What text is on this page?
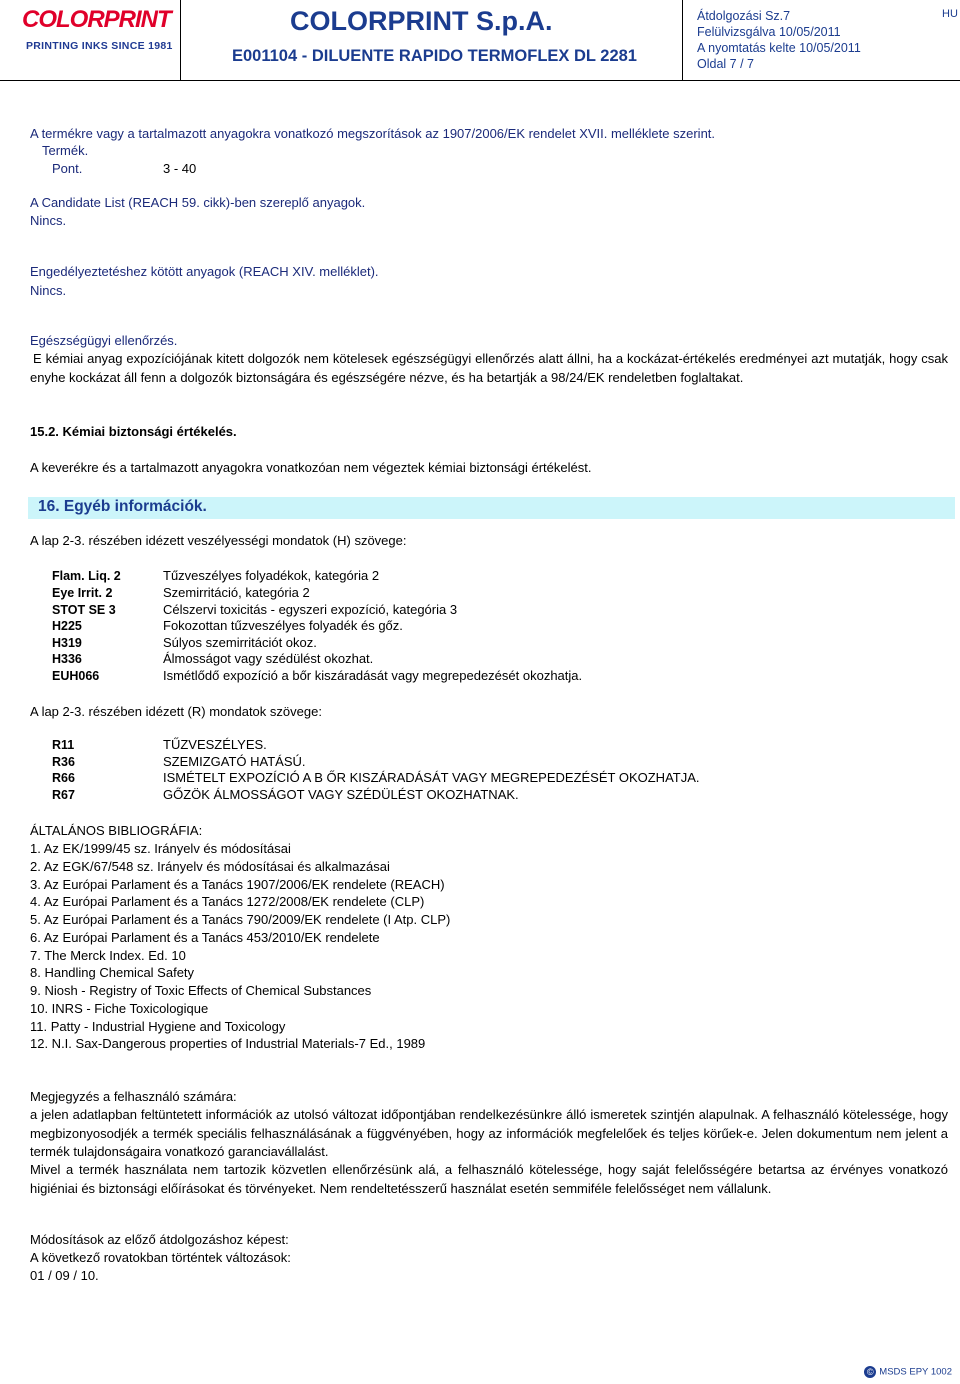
COLORPRINT
PRINTING INKS SINCE 1981
COLORPRINT S.p.A.
E001104 - DILUENTE RAPIDO TERMOFLEX DL 2281
Átdolgozási Sz.7
Felülvizsgálva 10/05/2011
A nyomtatás kelte 10/05/2011
Oldal 7 / 7
HU
A termékre vagy a tartalmazott anyagokra vonatkozó megszorítások az 1907/2006/EK rendelet XVII. melléklete szerint.
Termék.
Pont.	3 - 40
A Candidate List (REACH 59. cikk)-ben szereplő anyagok.
Nincs.
Engedélyeztetéshez kötött anyagok (REACH XIV. melléklet).
Nincs.
Egészségügyi ellenőrzés.
E kémiai anyag expozíciójának kitett dolgozók nem kötelesek egészségügyi ellenőrzés alatt állni, ha a kockázat-értékelés eredményei azt mutatják, hogy csak enyhe kockázat áll fenn a dolgozók biztonságára és egészségére nézve, és ha betartják a 98/24/EK rendeletben foglaltakat.
15.2. Kémiai biztonsági értékelés.
A keverékre és a tartalmazott anyagokra vonatkozóan nem végeztek kémiai biztonsági értékelést.
16. Egyéb információk.
A lap 2-3. részében idézett veszélyességi mondatok (H) szövege:
Flam. Liq. 2	Tűzveszélyes folyadékok, kategória 2
Eye Irrit. 2	Szemirritáció, kategória 2
STOT SE 3	Célszervi toxicitás - egyszeri expozíció, kategória 3
H225	Fokozottan tűzveszélyes folyadék és gőz.
H319	Súlyos szemirritációt okoz.
H336	Álmosságot vagy szédülést okozhat.
EUH066	Ismétlődő expozíció a bőr kiszáradását vagy megrepedezését okozhatja.
A lap 2-3. részében idézett (R) mondatok szövege:
R11	TŰZVESZÉLYES.
R36	SZEMIZGATÓ HATÁSÚ.
R66	ISMÉTELT EXPOZÍCIÓ A B ŐR KISZÁRADÁSÁT VAGY MEGREPEDEZÉSÉT OKOZHATJA.
R67	GŐZÖK ÁLMOSSÁGOT VAGY SZÉDÜLÉST OKOZHATNAK.
ÁLTALÁNOS BIBLIOGRÁFIA:
1. Az EK/1999/45 sz. Irányelv és módosításai
2. Az EGK/67/548 sz. Irányelv és módosításai és alkalmazásai
3. Az Európai Parlament és a Tanács 1907/2006/EK rendelete (REACH)
4. Az Európai Parlament és a Tanács 1272/2008/EK rendelete (CLP)
5. Az Európai Parlament és a Tanács 790/2009/EK rendelete (I Atp. CLP)
6. Az Európai Parlament és a Tanács 453/2010/EK rendelete
7. The Merck Index. Ed. 10
8. Handling Chemical Safety
9. Niosh - Registry of Toxic Effects of Chemical Substances
10. INRS - Fiche Toxicologique
11. Patty - Industrial Hygiene and Toxicology
12. N.I. Sax-Dangerous properties of Industrial Materials-7 Ed., 1989
Megjegyzés a felhasználó számára:
a jelen adatlapban feltüntetett információk az utolsó változat időpontjában rendelkezésünkre álló ismeretek szintjén alapulnak. A felhasználó kötelessége, hogy megbizonyosodjék a termék speciális felhasználásának a függvényében, hogy az információk megfelelőek és teljes körűek-e. Jelen dokumentum nem jelent a termék tulajdonságaira vonatkozó garanciavállalást.
Mivel a termék használata nem tartozik közvetlen ellenőrzésünk alá, a felhasználó kötelessége, hogy saját felelősségére betartsa az érvényes vonatkozó higiéniai és biztonsági előírásokat és törvényeket. Nem rendeltetésszerű használat esetén semmiféle felelősséget nem vállalunk.
Módosítások az előző átdolgozáshoz képest:
A következő rovatokban történtek változások:
01 / 09 / 10.
© MSDS EPY 1002
